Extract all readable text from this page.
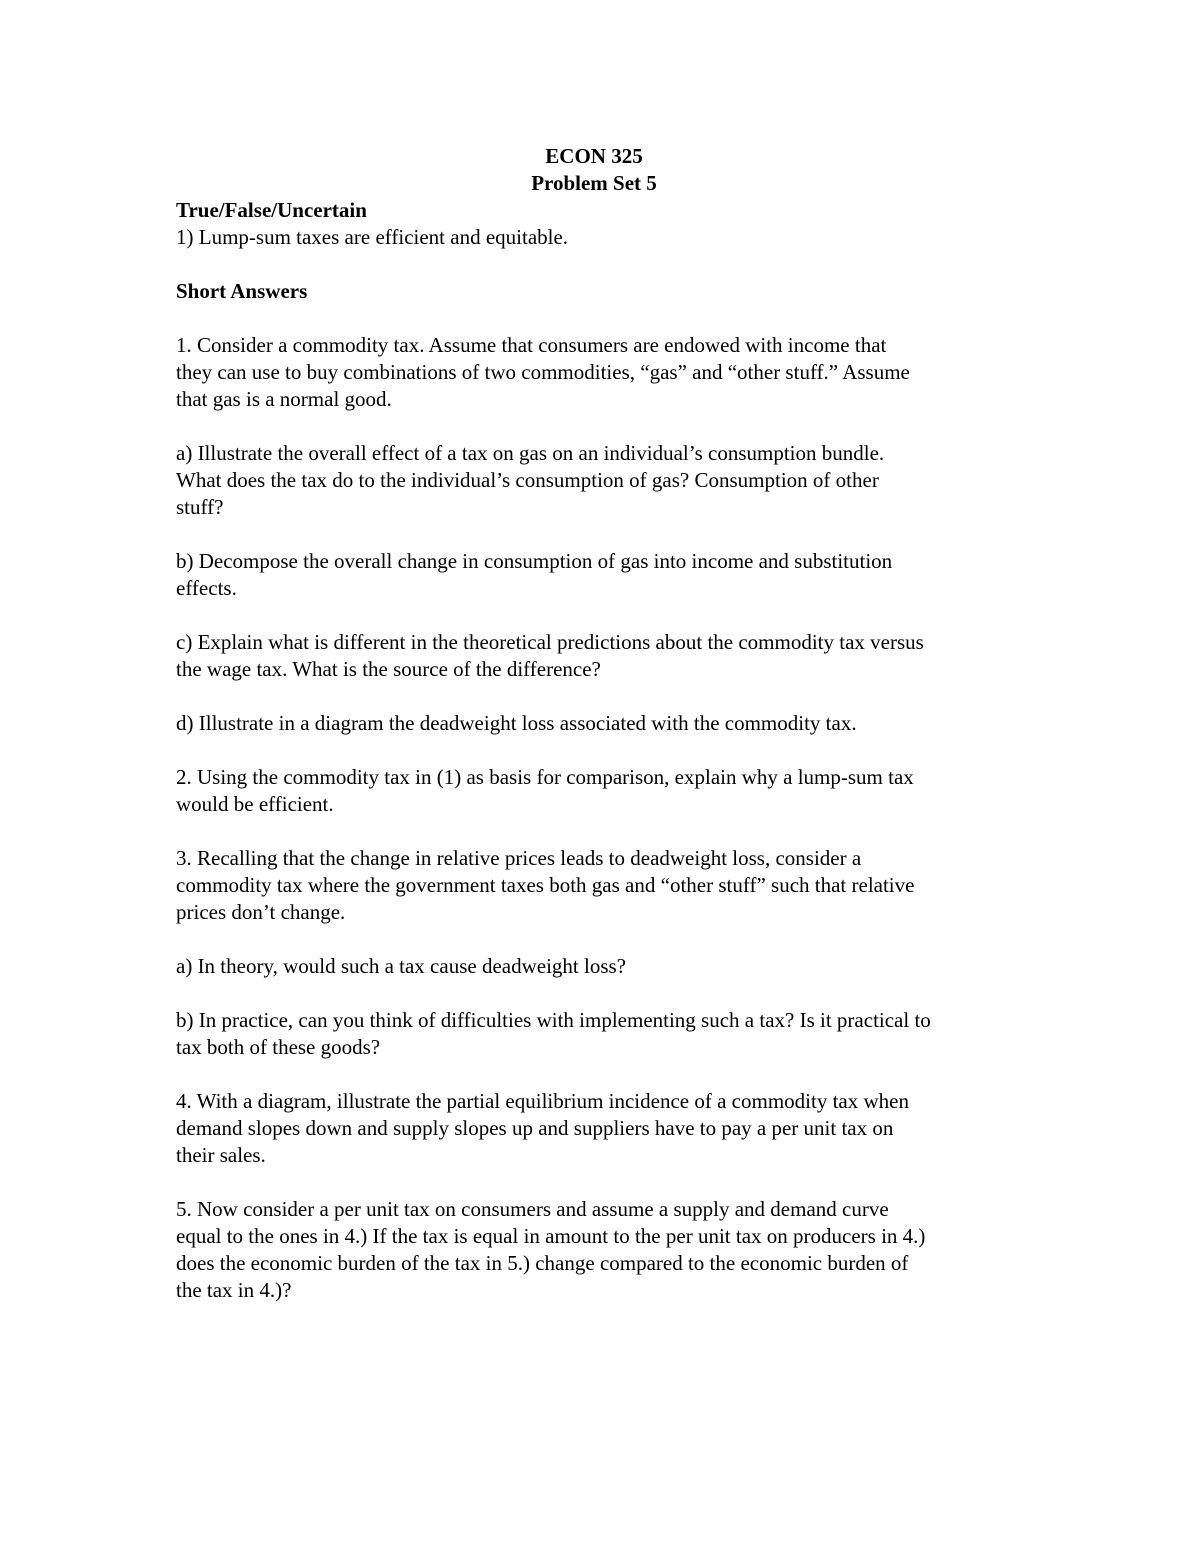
ECON 325
Problem Set 5
True/False/Uncertain
1) Lump-sum taxes are efficient and equitable.
Short Answers
1. Consider a commodity tax. Assume that consumers are endowed with income that
they can use to buy combinations of two commodities, “gas” and “other stuff.” Assume
that gas is a normal good.
a) Illustrate the overall effect of a tax on gas on an individual’s consumption bundle.
What does the tax do to the individual’s consumption of gas? Consumption of other
stuff?
b) Decompose the overall change in consumption of gas into income and substitution
effects.
c) Explain what is different in the theoretical predictions about the commodity tax versus
the wage tax. What is the source of the difference?
d) Illustrate in a diagram the deadweight loss associated with the commodity tax.
2. Using the commodity tax in (1) as basis for comparison, explain why a lump-sum tax
would be efficient.
3. Recalling that the change in relative prices leads to deadweight loss, consider a
commodity tax where the government taxes both gas and “other stuff” such that relative
prices don’t change.
a) In theory, would such a tax cause deadweight loss?
b) In practice, can you think of difficulties with implementing such a tax? Is it practical to
tax both of these goods?
4. With a diagram, illustrate the partial equilibrium incidence of a commodity tax when
demand slopes down and supply slopes up and suppliers have to pay a per unit tax on
their sales.
5. Now consider a per unit tax on consumers and assume a supply and demand curve
equal to the ones in 4.) If the tax is equal in amount to the per unit tax on producers in 4.)
does the economic burden of the tax in 5.) change compared to the economic burden of
the tax in 4.)?
